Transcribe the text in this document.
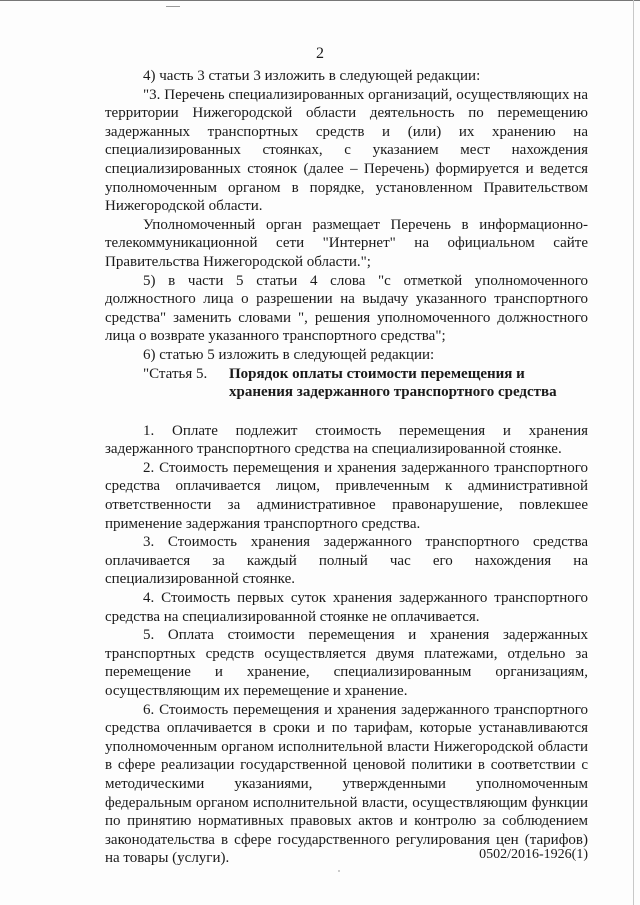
2

4) часть 3 статьи 3 изложить в следующей редакции:

"3. Перечень специализированных организаций, осуществляющих на территории Нижегородской области деятельность по перемещению задержанных транспортных средств и (или) их хранению на специализированных стоянках, с указанием мест нахождения специализированных стоянок (далее – Перечень) формируется и ведется уполномоченным органом в порядке, установленном Правительством Нижегородской области.

Уполномоченный орган размещает Перечень в информационно-телекоммуникационной сети "Интернет" на официальном сайте Правительства Нижегородской области.";

5) в части 5 статьи 4 слова "с отметкой уполномоченного должностного лица о разрешении на выдачу указанного транспортного средства" заменить словами ", решения уполномоченного должностного лица о возврате указанного транспортного средства";

6) статью 5 изложить в следующей редакции:

"Статья 5.	Порядок оплаты стоимости перемещения и хранения задержанного транспортного средства

1. Оплате подлежит стоимость перемещения и хранения задержанного транспортного средства на специализированной стоянке.

2. Стоимость перемещения и хранения задержанного транспортного средства оплачивается лицом, привлеченным к административной ответственности за административное правонарушение, повлекшее применение задержания транспортного средства.

3. Стоимость хранения задержанного транспортного средства оплачивается за каждый полный час его нахождения на специализированной стоянке.

4. Стоимость первых суток хранения задержанного транспортного средства на специализированной стоянке не оплачивается.

5. Оплата стоимости перемещения и хранения задержанных транспортных средств осуществляется двумя платежами, отдельно за перемещение и хранение, специализированным организациям, осуществляющим их перемещение и хранение.

6. Стоимость перемещения и хранения задержанного транспортного средства оплачивается в сроки и по тарифам, которые устанавливаются уполномоченным органом исполнительной власти Нижегородской области в сфере реализации государственной ценовой политики в соответствии с методическими указаниями, утвержденными уполномоченным федеральным органом исполнительной власти, осуществляющим функции по принятию нормативных правовых актов и контролю за соблюдением законодательства в сфере государственного регулирования цен (тарифов) на товары (услуги).	0502/2016-1926(1)
